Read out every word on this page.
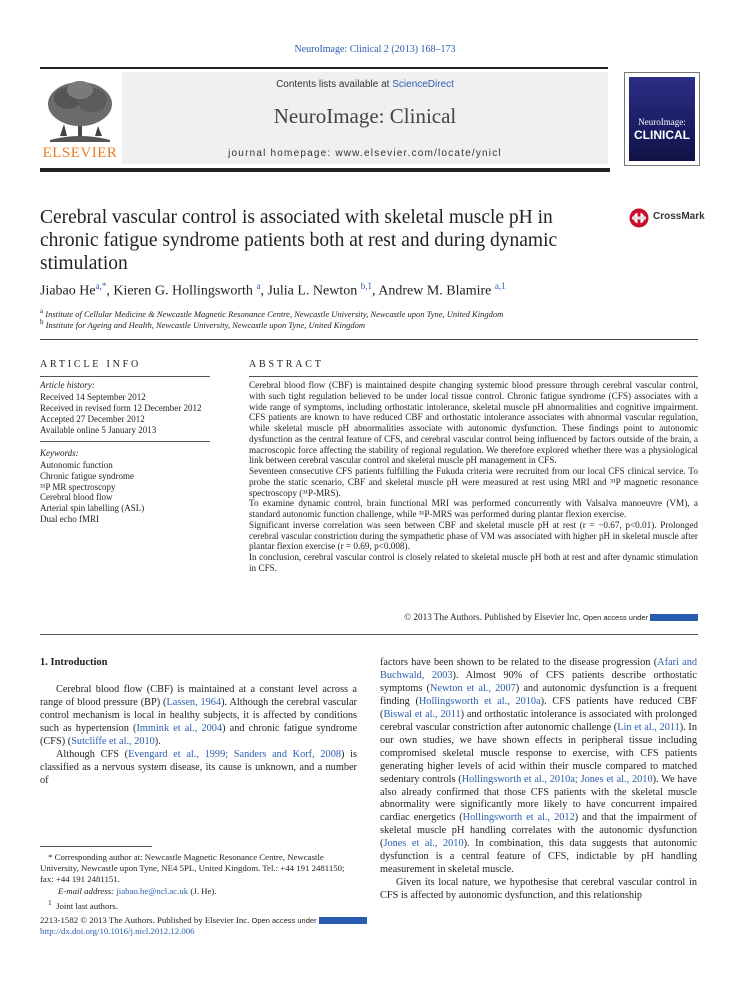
NeuroImage: Clinical 2 (2013) 168–173
ELSEVIER
Contents lists available at ScienceDirect
NeuroImage: Clinical
journal homepage: www.elsevier.com/locate/ynicl
NeuroImage:
CLINICAL
Cerebral vascular control is associated with skeletal muscle pH in chronic fatigue syndrome patients both at rest and during dynamic stimulation
CrossMark
Jiabao $He^{a,*}$, Kieren G. Hollingsworth $^a$, Julia L. Newton $^{b,1}$, Andrew M. Blamire $^{a,1}$
$^a$ Institute of Cellular Medicine & Newcastle Magnetic Resonance Centre, Newcastle University, Newcastle upon Tyne, United Kingdom
$^b$ Institute for Ageing and Health, Newcastle University, Newcastle upon Tyne, United Kingdom
ARTICLE INFO
Article history:
Received 14 September 2012
Received in revised form 12 December 2012
Accepted 27 December 2012
Available online 5 January 2013
Keywords:
Autonomic function
Chronic fatigue syndrome
³¹P MR spectroscopy
Cerebral blood flow
Arterial spin labelling (ASL)
Dual echo fMRI
ABSTRACT

Cerebral blood flow (CBF) is maintained despite changing systemic blood pressure through cerebral vascular control, with such tight regulation believed to be under local tissue control. Chronic fatigue syndrome (CFS) associates with a wide range of symptoms, including orthostatic intolerance, skeletal muscle pH abnormalities and cognitive impairment. CFS patients are known to have reduced CBF and orthostatic intolerance associates with abnormal vascular regulation, while skeletal muscle pH abnormalities associate with autonomic dysfunction. These findings point to autonomic dysfunction as the central feature of CFS, and cerebral vascular control being influenced by factors outside of the brain, a macroscopic force affecting the stability of regional regulation. We therefore explored whether there was a physiological link between cerebral vascular control and skeletal muscle pH management in CFS.

Seventeen consecutive CFS patients fulfilling the Fukuda criteria were recruited from our local CFS clinical service. To probe the static scenario, CBF and skeletal muscle pH were measured at rest using MRI and ³¹P magnetic resonance spectroscopy (³¹P-MRS).

To examine dynamic control, brain functional MRI was performed concurrently with Valsalva manoeuvre (VM), a standard autonomic function challenge, while ³¹P-MRS was performed during plantar flexion exercise.

Significant inverse correlation was seen between CBF and skeletal muscle pH at rest (r = −0.67, p<0.01). Prolonged cerebral vascular constriction during the sympathetic phase of VM was associated with higher pH in skeletal muscle after plantar flexion exercise (r = 0.69, p<0.008).

In conclusion, cerebral vascular control is closely related to skeletal muscle pH both at rest and after dynamic stimulation in CFS.

© 2013 The Authors. Published by Elsevier Inc. Open access under
1. Introduction

Cerebral blood flow (CBF) is maintained at a constant level across a range of blood pressure (BP) (Lassen, 1964). Although the cerebral vascular control mechanism is local in healthy subjects, it is affected by conditions such as hypertension (Immink et al., 2004) and chronic fatigue syndrome (CFS) (Sutcliffe et al., 2010).

Although CFS (Evengard et al., 1999; Sanders and Korf, 2008) is classified as a nervous system disease, its cause is unknown, and a number of

factors have been shown to be related to the disease progression (Afari and Buchwald, 2003). Almost 90% of CFS patients describe orthostatic symptoms (Newton et al., 2007) and autonomic dysfunction is a frequent finding (Hollingsworth et al., 2010a). CFS patients have reduced CBF (Biswal et al., 2011) and orthostatic intolerance is associated with prolonged cerebral vascular constriction after autonomic challenge (Lin et al., 2011). In our own studies, we have shown effects in peripheral tissue including compromised skeletal muscle response to exercise, with CFS patients generating higher levels of acid within their muscle compared to matched sedentary controls (Hollingsworth et al., 2010a; Jones et al., 2010). We have also already confirmed that those CFS patients with the skeletal muscle abnormality were significantly more likely to have concurrent impaired cardiac energetics (Hollingsworth et al., 2012) and that the impairment of skeletal muscle pH handling correlates with the autonomic dysfunction (Jones et al., 2010). In combination, this data suggests that autonomic dysfunction is a central feature of CFS, indictable by pH handling measurement in skeletal muscle.

Given its local nature, we hypothesise that cerebral vascular control in CFS is affected by autonomic dysfunction, and this relationship

* Corresponding author at: Newcastle Magnetic Resonance Centre, Newcastle University, Newcastle upon Tyne, NE4 5PL, United Kingdom. Tel.: +44 191 2481150; fax: +44 191 2481151.

E-mail address: jiabao.he@ncl.ac.uk (J. He).

$^1$ Joint last authors.

2213-1582 © 2013 The Authors. Published by Elsevier Inc. Open access under
http://dx.doi.org/10.1016/j.nicl.2012.12.006
